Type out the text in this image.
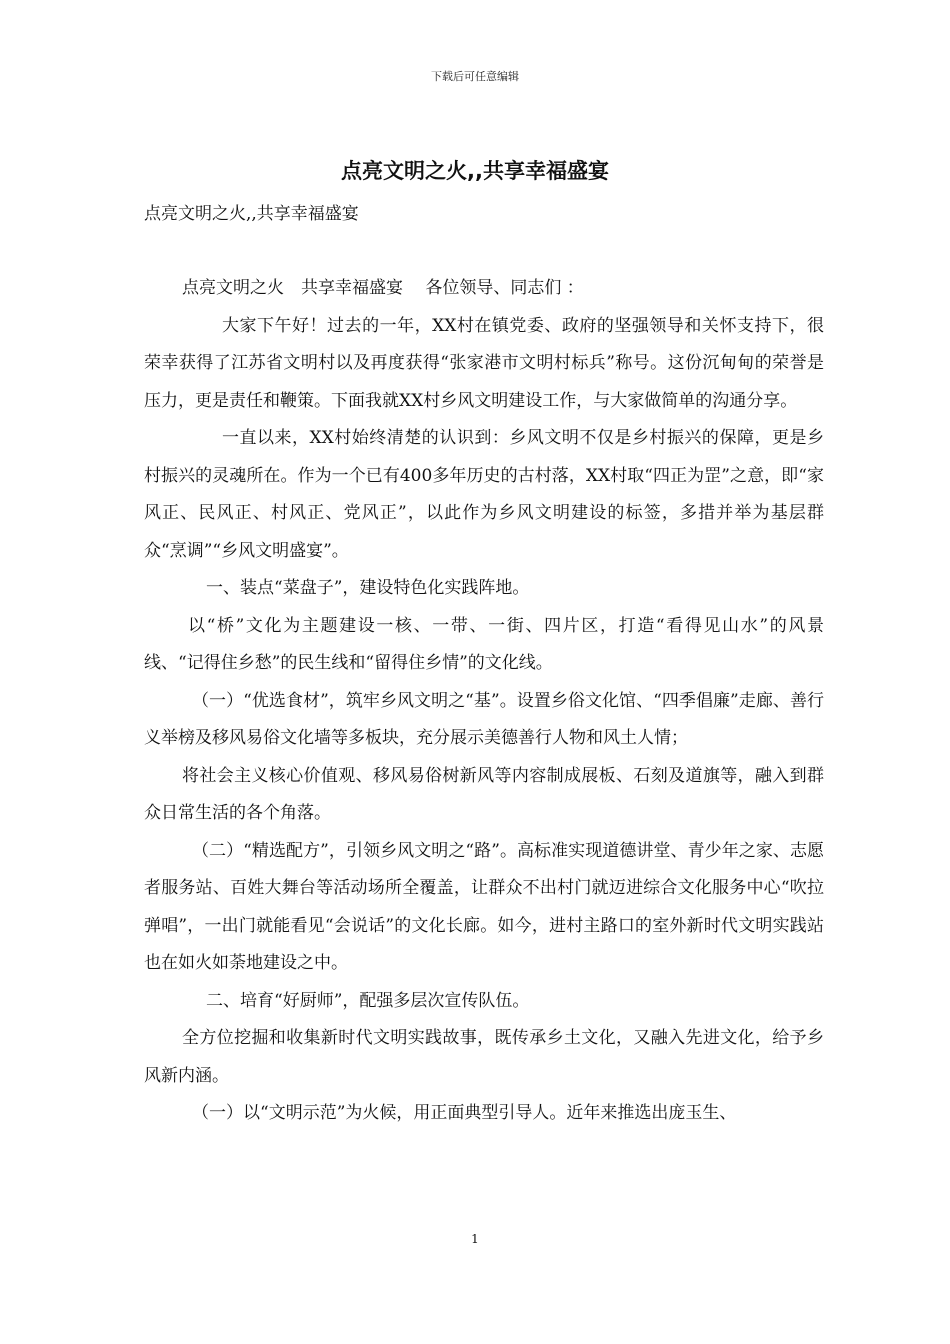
下载后可任意编辑
点亮文明之火,,共享幸福盛宴
点亮文明之火,,共享幸福盛宴

点亮文明之火　共享幸福盛宴　 各位领导、同志们 ：

大家下午好！过去的一年，XX村在镇党委、政府的坚强领导和关怀支持下，很荣幸获得了江苏省文明村以及再度获得“张家港市文明村标兵”称号。这份沉甸甸的荣誉是压力，更是责任和鞭策。下面我就XX村乡风文明建设工作，与大家做简单的沟通分享。

一直以来，XX村始终清楚的认识到：乡风文明不仅是乡村振兴的保障，更是乡村振兴的灵魂所在。作为一个已有400多年历史的古村落，XX村取“四正为罡”之意，即“家风正、民风正、村风正、党风正”，以此作为乡风文明建设的标签，多措并举为基层群众“烹调”“乡风文明盛宴”。

一、装点“菜盘子”，建设特色化实践阵地。

以“桥”文化为主题建设一核、一带、一街、四片区，打造“看得见山水”的风景线、“记得住乡愁”的民生线和“留得住乡情”的文化线。

（一）“优选食材”，筑牢乡风文明之“基”。设置乡俗文化馆、“四季倡廉”走廊、善行义举榜及移风易俗文化墙等多板块，充分展示美德善行人物和风土人情；

将社会主义核心价值观、移风易俗树新风等内容制成展板、石刻及道旗等，融入到群众日常生活的各个角落。

（二）“精选配方”，引领乡风文明之“路”。高标准实现道德讲堂、青少年之家、志愿者服务站、百姓大舞台等活动场所全覆盖，让群众不出村门就迈进综合文化服务中心“吹拉弹唱”，一出门就能看见“会说话”的文化长廊。如今，进村主路口的室外新时代文明实践站也在如火如荼地建设之中。

二、培育“好厨师”，配强多层次宣传队伍。

全方位挖掘和收集新时代文明实践故事，既传承乡土文化，又融入先进文化，给予乡风新内涵。

（一）以“文明示范”为火候，用正面典型引导人。近年来推选出庞玉生、

1
